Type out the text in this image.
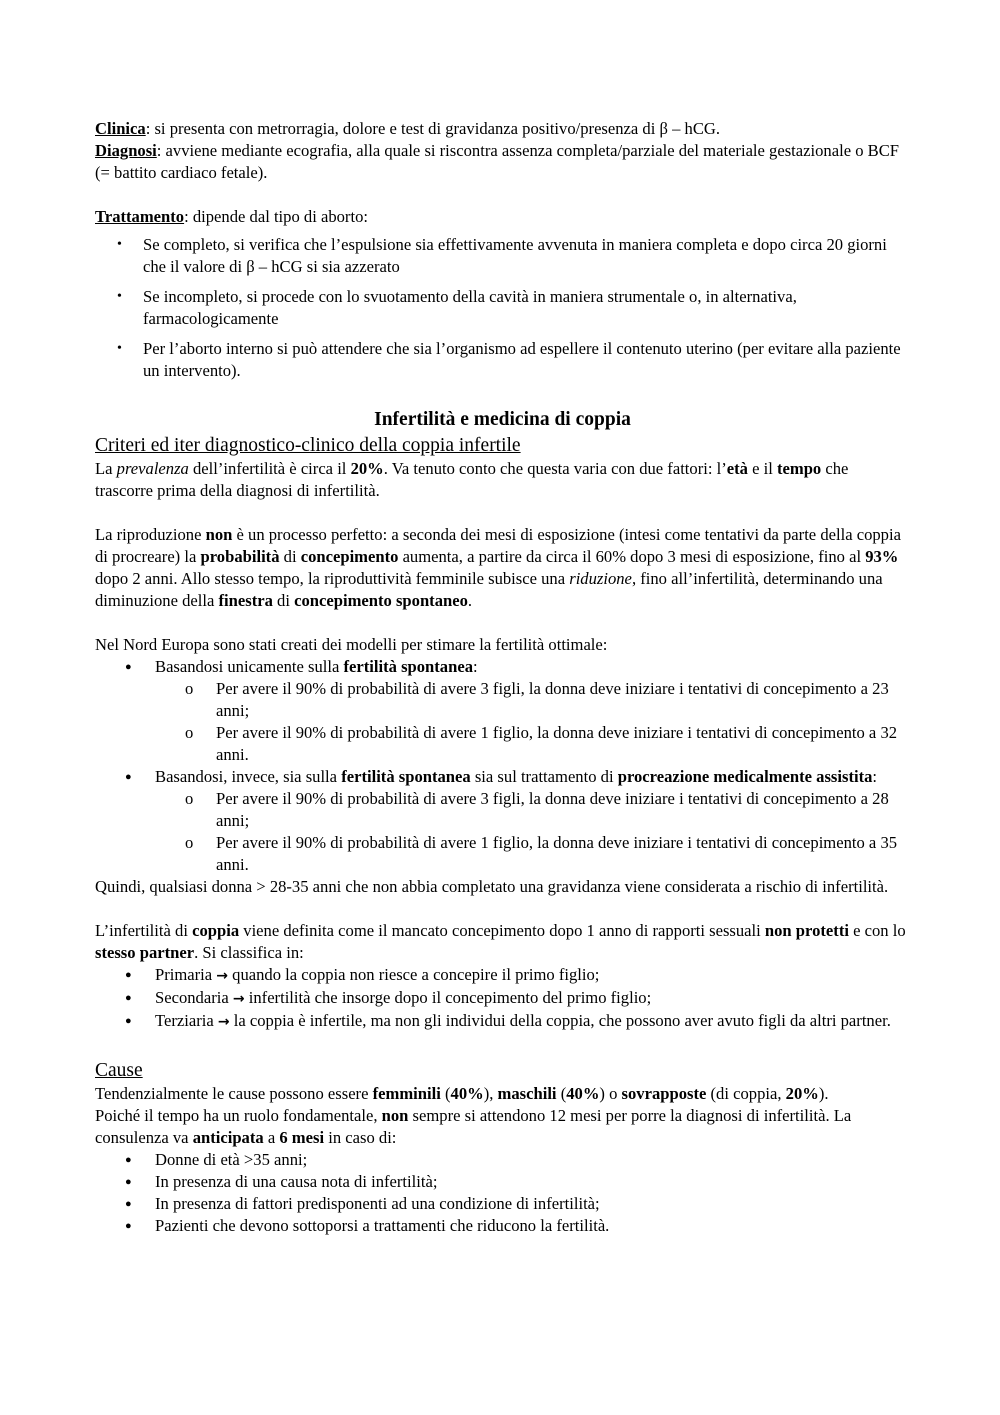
Clinica: si presenta con metrorragia, dolore e test di gravidanza positivo/presenza di β – hCG.

Diagnosi: avviene mediante ecografia, alla quale si riscontra assenza completa/parziale del materiale gestazionale o BCF (= battito cardiaco fetale).

Trattamento: dipende dal tipo di aborto:

• Se completo, si verifica che l’espulsione sia effettivamente avvenuta in maniera completa e dopo circa 20 giorni che il valore di β – hCG si sia azzerato
• Se incompleto, si procede con lo svuotamento della cavità in maniera strumentale o, in alternativa, farmacologicamente
• Per l’aborto interno si può attendere che sia l’organismo ad espellere il contenuto uterino (per evitare alla paziente un intervento).
Infertilità e medicina di coppia
Criteri ed iter diagnostico-clinico della coppia infertile

La prevalenza dell’infertilità è circa il 20%. Va tenuto conto che questa varia con due fattori: l’età e il tempo che trascorre prima della diagnosi di infertilità.

La riproduzione non è un processo perfetto: a seconda dei mesi di esposizione (intesi come tentativi da parte della coppia di procreare) la probabilità di concepimento aumenta, a partire da circa il 60% dopo 3 mesi di esposizione, fino al 93% dopo 2 anni. Allo stesso tempo, la riproduttività femminile subisce una riduzione, fino all’infertilità, determinando una diminuzione della finestra di concepimento spontaneo.

Nel Nord Europa sono stati creati dei modelli per stimare la fertilità ottimale:

● Basandosi unicamente sulla fertilità spontanea:
o Per avere il 90% di probabilità di avere 3 figli, la donna deve iniziare i tentativi di concepimento a 23 anni;
o Per avere il 90% di probabilità di avere 1 figlio, la donna deve iniziare i tentativi di concepimento a 32 anni.
● Basandosi, invece, sia sulla fertilità spontanea sia sul trattamento di procreazione medicalmente assistita:
o Per avere il 90% di probabilità di avere 3 figli, la donna deve iniziare i tentativi di concepimento a 28 anni;
o Per avere il 90% di probabilità di avere 1 figlio, la donna deve iniziare i tentativi di concepimento a 35 anni.

Quindi, qualsiasi donna > 28-35 anni che non abbia completato una gravidanza viene considerata a rischio di infertilità.

L’infertilità di coppia viene definita come il mancato concepimento dopo 1 anno di rapporti sessuali non protetti e con lo stesso partner. Si classifica in:

● Primaria → quando la coppia non riesce a concepire il primo figlio;
● Secondaria → infertilità che insorge dopo il concepimento del primo figlio;
● Terziaria → la coppia è infertile, ma non gli individui della coppia, che possono aver avuto figli da altri partner.
Cause

Tendenzialmente le cause possono essere femminili (40%), maschili (40%) o sovrapposte (di coppia, 20%).

Poiché il tempo ha un ruolo fondamentale, non sempre si attendono 12 mesi per porre la diagnosi di infertilità. La consulenza va anticipata a 6 mesi in caso di:

● Donne di età >35 anni;
● In presenza di una causa nota di infertilità;
● In presenza di fattori predisponenti ad una condizione di infertilità;
● Pazienti che devono sottoporsi a trattamenti che riducono la fertilità.
